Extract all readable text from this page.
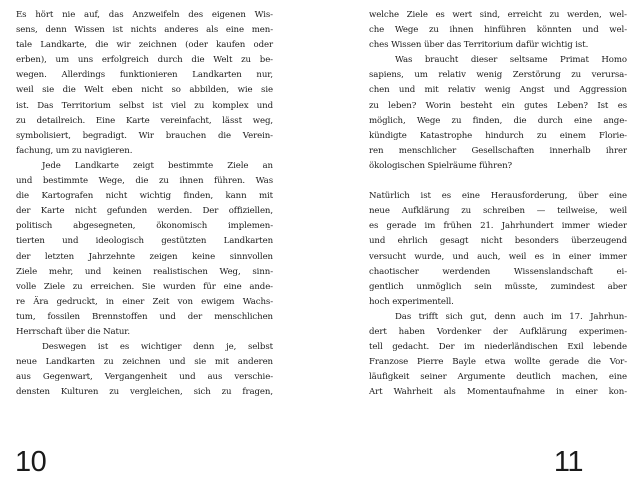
Es hört nie auf, das Anzweifeln des eigenen Wis-
sens, denn Wissen ist nichts anderes als eine men-
tale Landkarte, die wir zeichnen (oder kaufen oder
erben), um uns erfolgreich durch die Welt zu be-
wegen. Allerdings funktionieren Landkarten nur,
weil sie die Welt eben nicht so abbilden, wie sie
ist. Das Territorium selbst ist viel zu komplex und
zu detailreich. Eine Karte vereinfacht, lässt weg,
symbolisiert, begradigt. Wir brauchen die Verein-
fachung, um zu navigieren.
Jede Landkarte zeigt bestimmte Ziele an
und bestimmte Wege, die zu ihnen führen. Was
die Kartografen nicht wichtig finden, kann mit
der Karte nicht gefunden werden. Der offiziellen,
politisch abgesegneten, ökonomisch implemen-
tierten und ideologisch gestützten Landkarten
der letzten Jahrzehnte zeigen keine sinnvollen
Ziele mehr, und keinen realistischen Weg, sinn-
volle Ziele zu erreichen. Sie wurden für eine ande-
re Ära gedruckt, in einer Zeit von ewigem Wachs-
tum, fossilen Brennstoffen und der menschlichen
Herrschaft über die Natur.
Deswegen ist es wichtiger denn je, selbst
neue Landkarten zu zeichnen und sie mit anderen
aus Gegenwart, Vergangenheit und aus verschie-
densten Kulturen zu vergleichen, sich zu fragen,
10
welche Ziele es wert sind, erreicht zu werden, wel-
che Wege zu ihnen hinführen könnten und wel-
ches Wissen über das Territorium dafür wichtig ist.
Was braucht dieser seltsame Primat Homo
sapiens, um relativ wenig Zerstörung zu verursa-
chen und mit relativ wenig Angst und Aggression
zu leben? Worin besteht ein gutes Leben? Ist es
möglich, Wege zu finden, die durch eine ange-
kündigte Katastrophe hindurch zu einem Florie-
ren menschlicher Gesellschaften innerhalb ihrer
ökologischen Spielräume führen?
Natürlich ist es eine Herausforderung, über eine
neue Aufklärung zu schreiben — teilweise, weil
es gerade im frühen 21. Jahrhundert immer wieder
und ehrlich gesagt nicht besonders überzeugend
versucht wurde, und auch, weil es in einer immer
chaotischer werdenden Wissenslandschaft ei-
gentlich unmöglich sein müsste, zumindest aber
hoch experimentell.
Das trifft sich gut, denn auch im 17. Jahrhun-
dert haben Vordenker der Aufklärung experimen-
tell gedacht. Der im niederländischen Exil lebende
Franzose Pierre Bayle etwa wollte gerade die Vor-
läufigkeit seiner Argumente deutlich machen, eine
Art Wahrheit als Momentaufnahme in einer kon-
11
